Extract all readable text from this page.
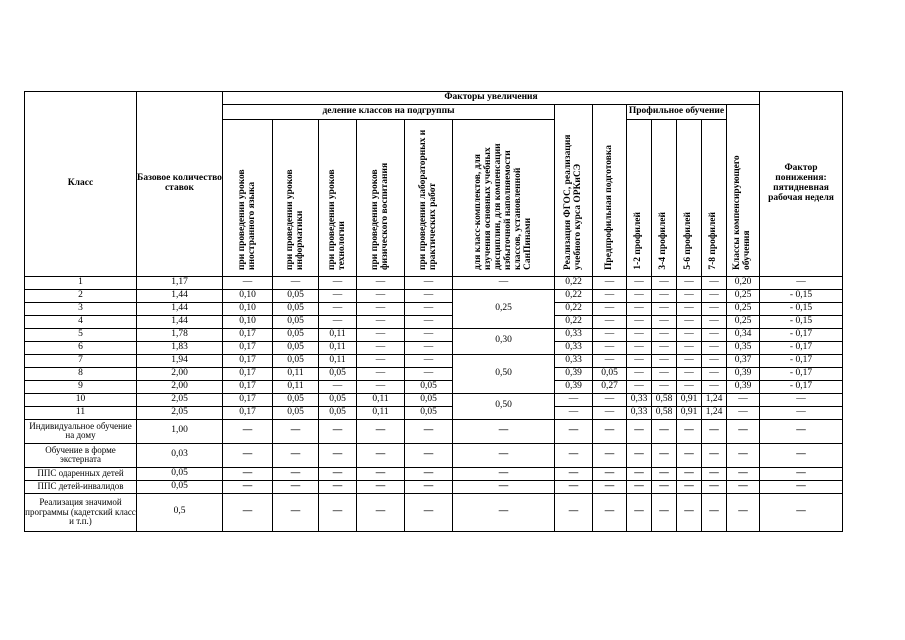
Класс	Базовое количество ставок	Факторы увеличения													Фактор понижения: пятидневная рабочая неделя
		деление классов на подгруппы						Реализация ФГОС, реализация учебного курса ОРКиСЭ	Предпрофильная подготовка	Профильное обучение				Классы компенсирующего обучения	
		при проведении уроков иностранного языка	при проведении уроков информатики	при проведении уроков технологии	при проведении уроков физического воспитания	при проведении лабораторных и практических работ	для класс-комплектов, для изучения основных учебных дисциплин, для компенсации избыточной наполняемости классов, установленной СанПинами			1-2 профилей	3-4 профилей	5-6 профилей	7-8 профилей		
1	1,17	—	—	—	—	—	—	0,22	—	—	—	—	—	0,20	—
2	1,44	0,10	0,05	—	—	—	0,25	0,22	—	—	—	—	—	0,25	- 0,15
3	1,44	0,10	0,05	—	—	—		0,22	—	—	—	—	—	0,25	- 0,15
4	1,44	0,10	0,05	—	—	—		0,22	—	—	—	—	—	0,25	- 0,15
5	1,78	0,17	0,05	0,11	—	—	0,30	0,33	—	—	—	—	—	0,34	- 0,17
6	1,83	0,17	0,05	0,11	—	—		0,33	—	—	—	—	—	0,35	- 0,17
7	1,94	0,17	0,05	0,11	—	—	0,50	0,33	—	—	—	—	—	0,37	- 0,17
8	2,00	0,17	0,11	0,05	—	—		0,39	0,05	—	—	—	—	0,39	- 0,17
9	2,00	0,17	0,11	—	—	0,05		0,39	0,27	—	—	—	—	0,39	- 0,17
10	2,05	0,17	0,05	0,05	0,11	0,05	0,50	—	—	0,33	0,58	0,91	1,24	—	—
11	2,05	0,17	0,05	0,05	0,11	0,05		—	—	0,33	0,58	0,91	1,24	—	—
Индивидуальное обучение на дому	1,00	—	—	—	—	—	—	—	—	—	—	—	—	—	—
Обучение в форме экстерната	0,03	—	—	—	—	—	—	—	—	—	—	—	—	—	—
ППС одаренных детей	0,05	—	—	—	—	—	—	—	—	—	—	—	—	—	—
ППС детей-инвалидов	0,05	—	—	—	—	—	—	—	—	—	—	—	—	—	—
Реализация значимой программы (кадетский класс и т.п.)	0,5	—	—	—	—	—	—	—	—	—	—	—	—	—	—
